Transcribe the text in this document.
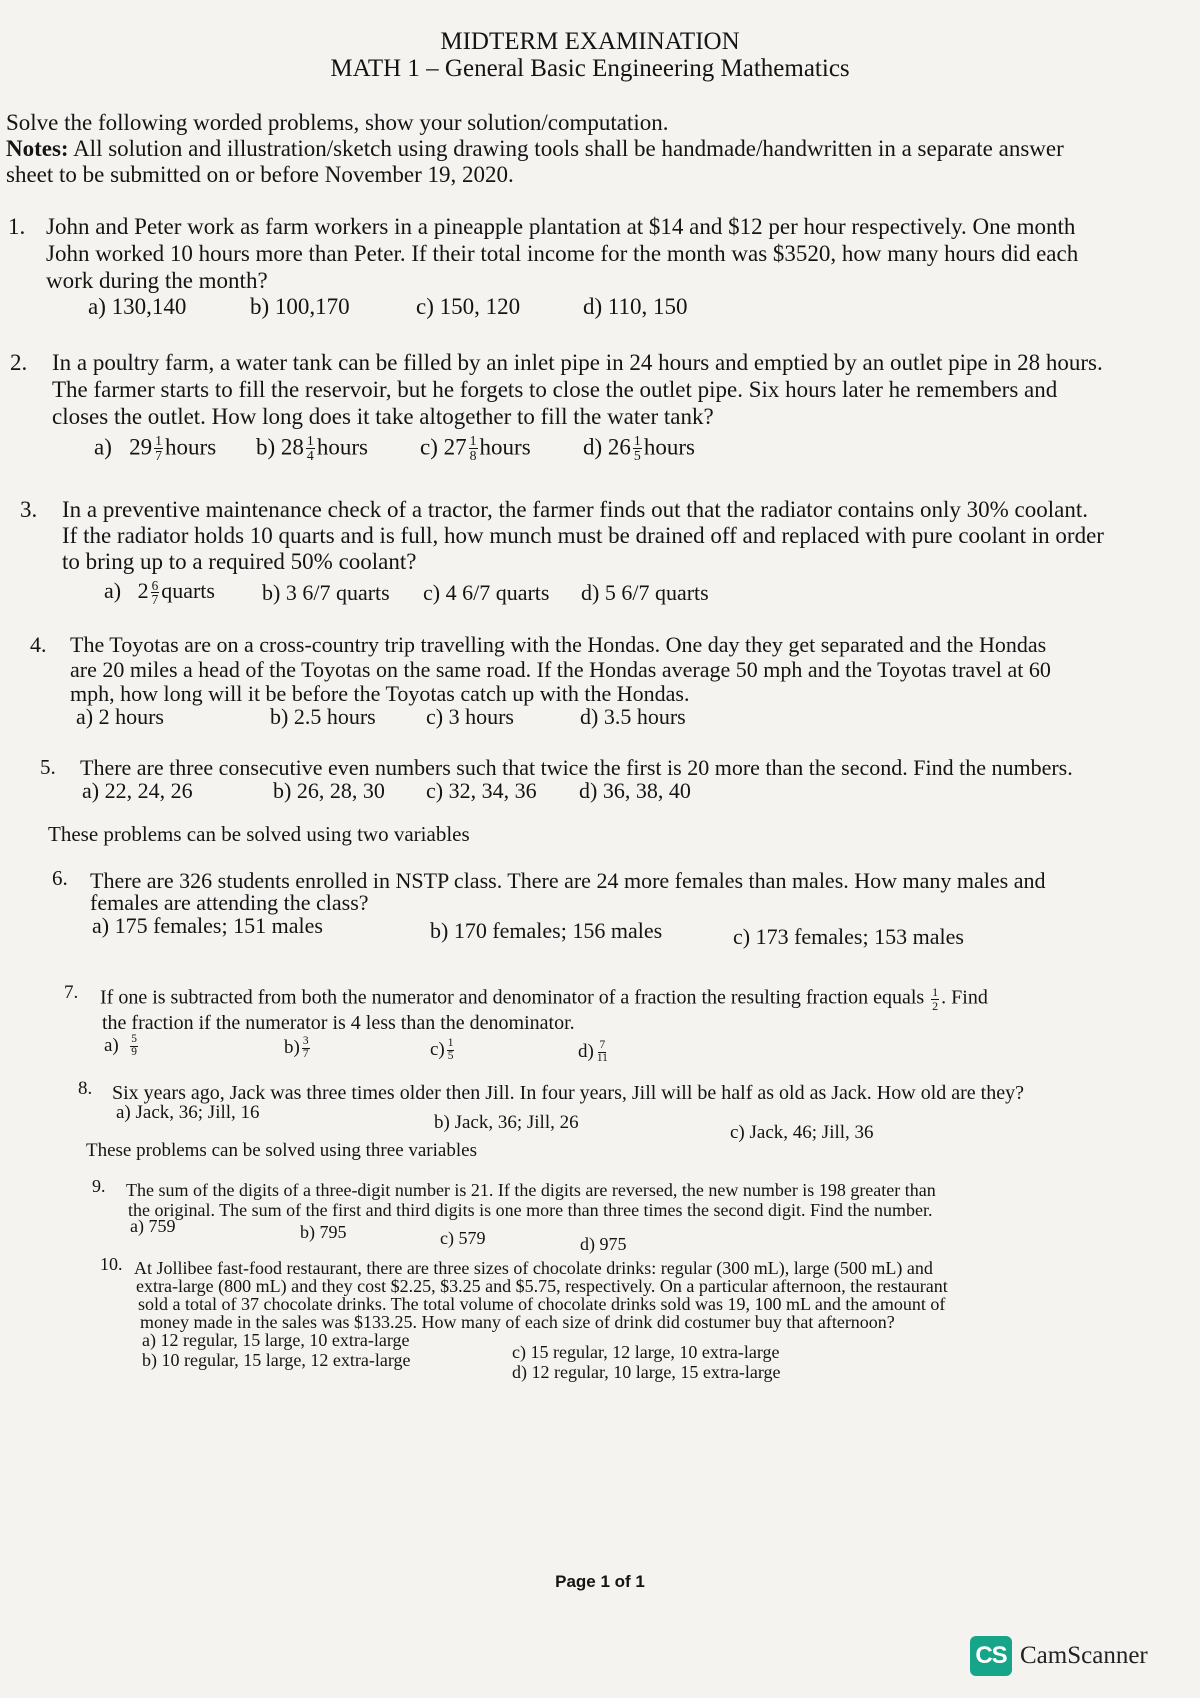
MIDTERM EXAMINATION
MATH 1 – General Basic Engineering Mathematics
Solve the following worded problems, show your solution/computation.
Notes: All solution and illustration/sketch using drawing tools shall be handmade/handwritten in a separate answer
sheet to be submitted on or before November 19, 2020.
1. John and Peter work as farm workers in a pineapple plantation at $14 and $12 per hour respectively. One month
John worked 10 hours more than Peter. If their total income for the month was $3520, how many hours did each
work during the month?
a) 130,140	b) 100,170	c) 150, 120	d) 110, 150
2. In a poultry farm, a water tank can be filled by an inlet pipe in 24 hours and emptied by an outlet pipe in 28 hours.
The farmer starts to fill the reservoir, but he forgets to close the outlet pipe. Six hours later he remembers and
closes the outlet. How long does it take altogether to fill the water tank?
a) $29 \frac{1}{7}$ hours b) $28 \frac{1}{4}$ hours c) $27 \frac{1}{8}$ hours d) $26 \frac{1}{5}$ hours
3. In a preventive maintenance check of a tractor, the farmer finds out that the radiator contains only 30% coolant.
If the radiator holds 10 quarts and is full, how munch must be drained off and replaced with pure coolant in order
to bring up to a required 50% coolant?
a) $2 \frac{6}{7}$ quarts b) 3 6/7 quarts c) 4 6/7 quarts d) 5 6/7 quarts
4. The Toyotas are on a cross-country trip travelling with the Hondas. One day they get separated and the Hondas
are 20 miles a head of the Toyotas on the same road. If the Hondas average 50 mph and the Toyotas travel at 60
mph, how long will it be before the Toyotas catch up with the Hondas.
a) 2 hours	b) 2.5 hours c) 3 hours	d) 3.5 hours
5. There are three consecutive even numbers such that twice the first is 20 more than the second. Find the numbers.
a) 22, 24, 26	b) 26, 28, 30 c) 32, 34, 36 d) 36, 38, 40
These problems can be solved using two variables
6. There are 326 students enrolled in NSTP class. There are 24 more females than males. How many males and
females are attending the class?
a) 175 females; 151 males	b) 170 females; 156 males	c) 173 females; 153 males
7. If one is subtracted from both the numerator and denominator of a fraction the resulting fraction equals $\frac{1}{2}$ . Find
the fraction if the numerator is 4 less than the denominator.
$a) \frac{5}{9}$	$b) \frac{3}{7}$	$c) \frac{1}{5}$	$d) \frac{7}{11}$
8. Six years ago, Jack was three times older then Jill. In four years, Jill will be half as old as Jack. How old are they?
a) Jack, 36; Jill, 16	b) Jack, 36; Jill, 26	c) Jack, 46; Jill, 36
These problems can be solved using three variables
9. The sum of the digits of a three-digit number is 21. If the digits are reversed, the new number is 198 greater than
the original. The sum of the first and third digits is one more than three times the second digit. Find the number.
a) 759	b) 795	c) 579	d) 975
10. At Jollibee fast-food restaurant, there are three sizes of chocolate drinks: regular (300 mL), large (500 mL) and
extra-large (800 mL) and they cost $2.25, $3.25 and $5.75, respectively. On a particular afternoon, the restaurant
sold a total of 37 chocolate drinks. The total volume of chocolate drinks sold was 19, 100 mL and the amount of
money made in the sales was $133.25. How many of each size of drink did costumer buy that afternoon?
a) 12 regular, 15 large, 10 extra-large
b) 10 regular, 15 large, 12 extra-large	c) 15 regular, 12 large, 10 extra-large
d) 12 regular, 10 large, 15 extra-large
Page 1 of 1
CS CamScanner
